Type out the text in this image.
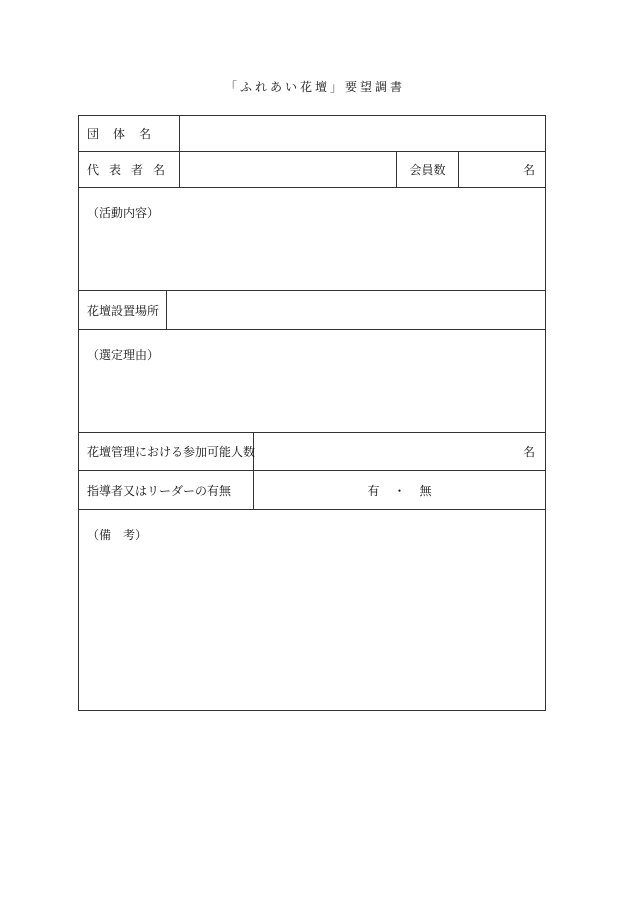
「ふれあい花壇」要望調書
団体名
代表者名	会員数	名
（活動内容）
花壇設置場所
（選定理由）
花壇管理における参加可能人数	名
指導者又はリーダーの有無	有	・	無
（備　考）
